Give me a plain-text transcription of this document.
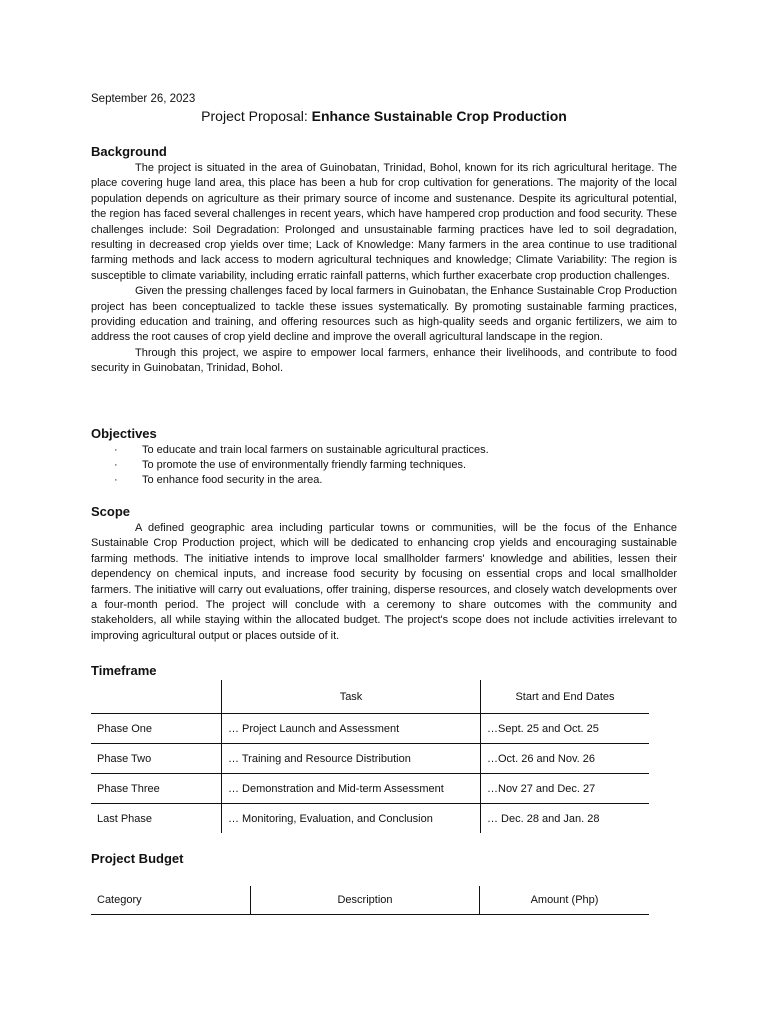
September 26, 2023
Project Proposal: Enhance Sustainable Crop Production
Background

The project is situated in the area of Guinobatan, Trinidad, Bohol, known for its rich agricultural heritage. The place covering huge land area, this place has been a hub for crop cultivation for generations. The majority of the local population depends on agriculture as their primary source of income and sustenance. Despite its agricultural potential, the region has faced several challenges in recent years, which have hampered crop production and food security. These challenges include: Soil Degradation: Prolonged and unsustainable farming practices have led to soil degradation, resulting in decreased crop yields over time; Lack of Knowledge: Many farmers in the area continue to use traditional farming methods and lack access to modern agricultural techniques and knowledge; Climate Variability: The region is susceptible to climate variability, including erratic rainfall patterns, which further exacerbate crop production challenges.

Given the pressing challenges faced by local farmers in Guinobatan, the Enhance Sustainable Crop Production project has been conceptualized to tackle these issues systematically. By promoting sustainable farming practices, providing education and training, and offering resources such as high-quality seeds and organic fertilizers, we aim to address the root causes of crop yield decline and improve the overall agricultural landscape in the region.

Through this project, we aspire to empower local farmers, enhance their livelihoods, and contribute to food security in Guinobatan, Trinidad, Bohol.

Objectives
· To educate and train local farmers on sustainable agricultural practices.
· To promote the use of environmentally friendly farming techniques.
· To enhance food security in the area.
Scope

A defined geographic area including particular towns or communities, will be the focus of the Enhance Sustainable Crop Production project, which will be dedicated to enhancing crop yields and encouraging sustainable farming methods. The initiative intends to improve local smallholder farmers' knowledge and abilities, lessen their dependency on chemical inputs, and increase food security by focusing on essential crops and local smallholder farmers. The initiative will carry out evaluations, offer training, disperse resources, and closely watch developments over a four-month period. The project will conclude with a ceremony to share outcomes with the community and stakeholders, all while staying within the allocated budget. The project's scope does not include activities irrelevant to improving agricultural output or places outside of it.

Timeframe
	Task	Start and End Dates
Phase One	… Project Launch and Assessment	…Sept. 25 and Oct. 25
Phase Two	… Training and Resource Distribution	…Oct. 26 and Nov. 26
Phase Three	… Demonstration and Mid-term Assessment	…Nov 27 and Dec. 27
Last Phase	… Monitoring, Evaluation, and Conclusion	… Dec. 28 and Jan. 28
Project Budget
Category	Description	Amount (Php)
